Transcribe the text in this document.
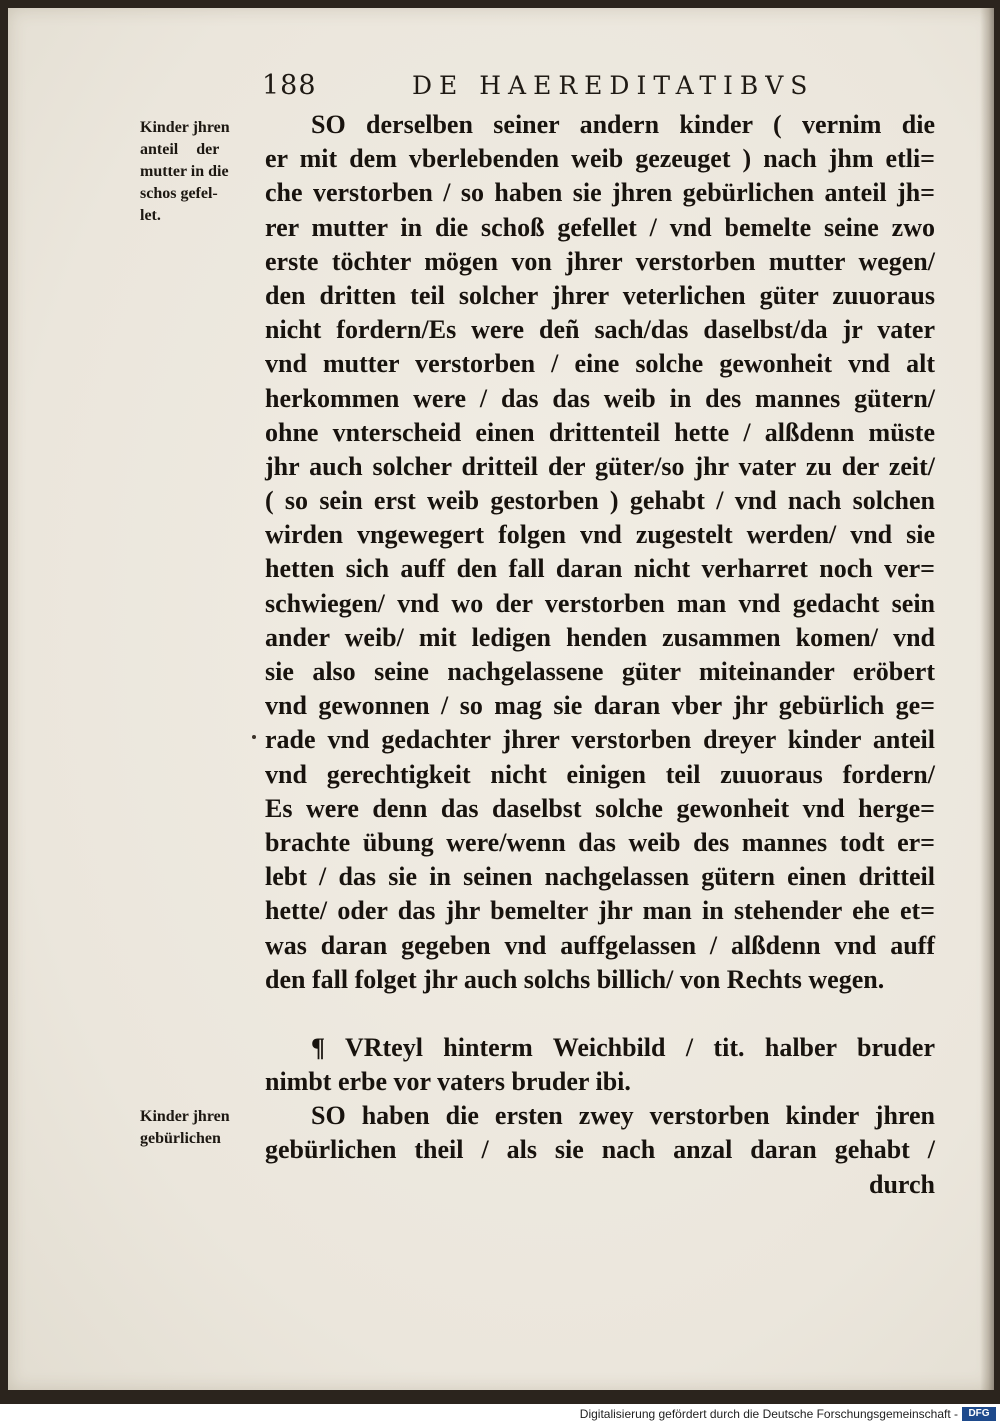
188	DE HAEREDITATIBVS
Kinder jhren
anteil der
mutter in die
schos gefel-
let.
Kinder jhren
gebürlichen
SO derselben seiner andern kinder ( vernim die
er mit dem vberlebenden weib gezeuget ) nach jhm etli=
che verstorben / so haben sie jhren gebürlichen anteil jh=
rer mutter in die schoß gefellet / vnd bemelte seine zwo
erste töchter mögen von jhrer verstorben mutter wegen/
den dritten teil solcher jhrer veterlichen güter zuuoraus
nicht fordern/Es were deñ sach/das daselbst/da jr vater
vnd mutter verstorben / eine solche gewonheit vnd alt
herkommen were / das das weib in des mannes gütern/
ohne vnterscheid einen drittenteil hette / alßdenn müste
jhr auch solcher dritteil der güter/so jhr vater zu der zeit/
( so sein erst weib gestorben ) gehabt / vnd nach solchen
wirden vngewegert folgen vnd zugestelt werden/ vnd sie
hetten sich auff den fall daran nicht verharret noch ver=
schwiegen/ vnd wo der verstorben man vnd gedacht sein
ander weib/ mit ledigen henden zusammen komen/ vnd
sie also seine nachgelassene güter miteinander eröbert
vnd gewonnen / so mag sie daran vber jhr gebürlich ge=
rade vnd gedachter jhrer verstorben dreyer kinder anteil
vnd gerechtigkeit nicht einigen teil zuuoraus fordern/
Es were denn das daselbst solche gewonheit vnd herge=
brachte übung were/wenn das weib des mannes todt er=
lebt / das sie in seinen nachgelassen gütern einen dritteil
hette/ oder das jhr bemelter jhr man in stehender ehe et=
was daran gegeben vnd auffgelassen / alßdenn vnd auff
den fall folget jhr auch solchs billich/ von Rechts wegen.
¶ VRteyl hinterm Weichbild / tit. halber bruder
nimbt erbe vor vaters bruder ibi.
SO haben die ersten zwey verstorben kinder jhren
gebürlichen theil / als sie nach anzal daran gehabt /
durch
Digitalisierung gefördert durch die Deutsche Forschungsgemeinschaft -	DFG
